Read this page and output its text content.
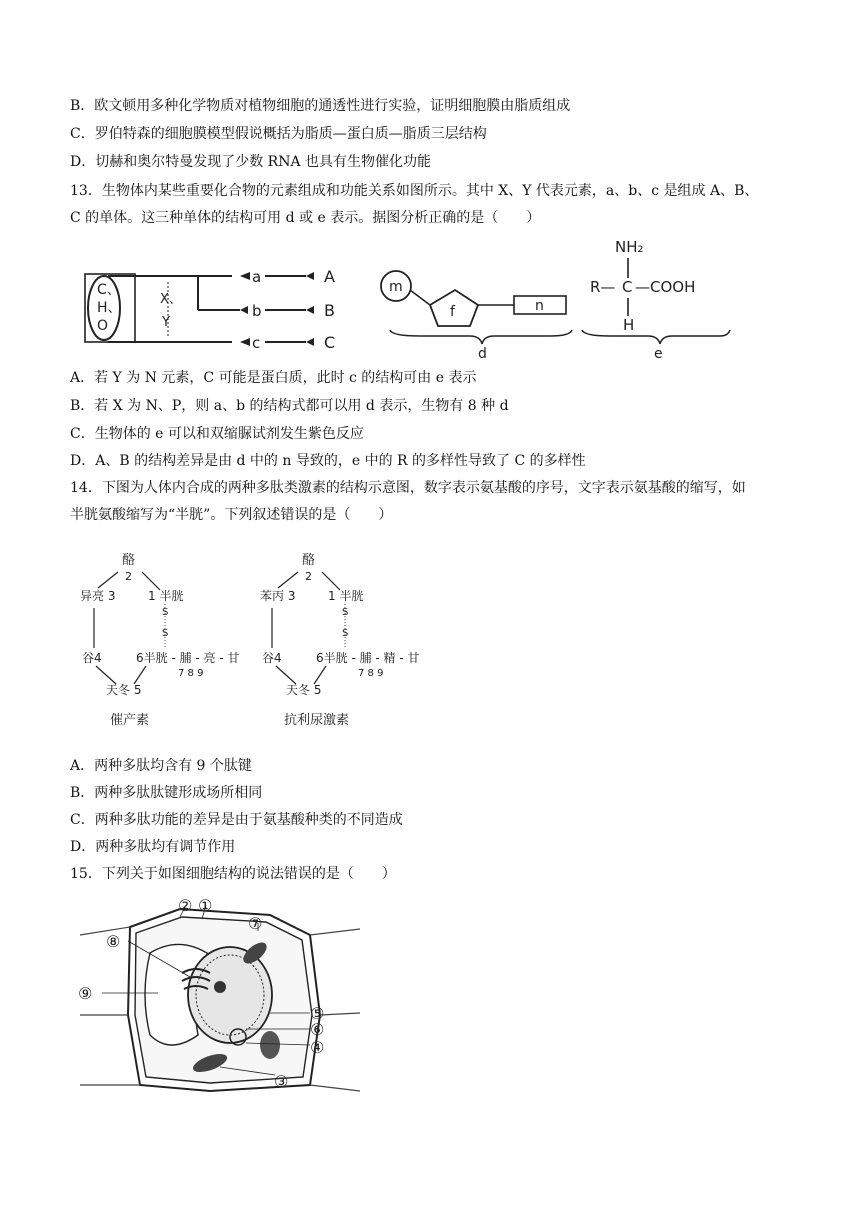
B．欧文顿用多种化学物质对植物细胞的通透性进行实验，证明细胞膜由脂质组成
C．罗伯特森的细胞膜模型假说概括为脂质—蛋白质—脂质三层结构
D．切赫和奥尔特曼发现了少数 RNA 也具有生物催化功能
13．生物体内某些重要化合物的元素组成和功能关系如图所示。其中 X、Y 代表元素，a、b、c 是组成 A、B、
C 的单体。这三种单体的结构可用 d 或 e 表示。据图分析正确的是（　　）
C、
H、
O
X、
Y
a
b
c
A
B
C
m
f	n
d
NH₂
R— C —COOH
H
e
A．若 Y 为 N 元素，C 可能是蛋白质，此时 c 的结构可由 e 表示
B．若 X 为 N、P，则 a、b 的结构式都可以用 d 表示，生物有 8 种 d
C．生物体的 e 可以和双缩脲试剂发生紫色反应
D．A、B 的结构差异是由 d 中的 n 导致的，e 中的 R 的多样性导致了 C 的多样性
14．下图为人体内合成的两种多肽类激素的结构示意图，数字表示氨基酸的序号，文字表示氨基酸的缩写，如
半胱氨酸缩写为“半胱”。下列叙述错误的是（　　）
酪
2
异亮 3	1 半胱
S
S
谷4	6半胱 - 脯 - 亮 - 甘
7 8 9
天冬 5
催产素
酪
2
苯丙 3	1 半胱
S
S
谷4	6半胱 - 脯 - 精 - 甘
7 8 9
天冬 5
抗利尿激素
A．两种多肽均含有 9 个肽键
B．两种多肽肽键形成场所相同
C．两种多肽功能的差异是由于氨基酸种类的不同造成
D．两种多肽均有调节作用
15．下列关于如图细胞结构的说法错误的是（　　）
② ①
⑦
⑧
⑨
⑤
⑥
④
③
